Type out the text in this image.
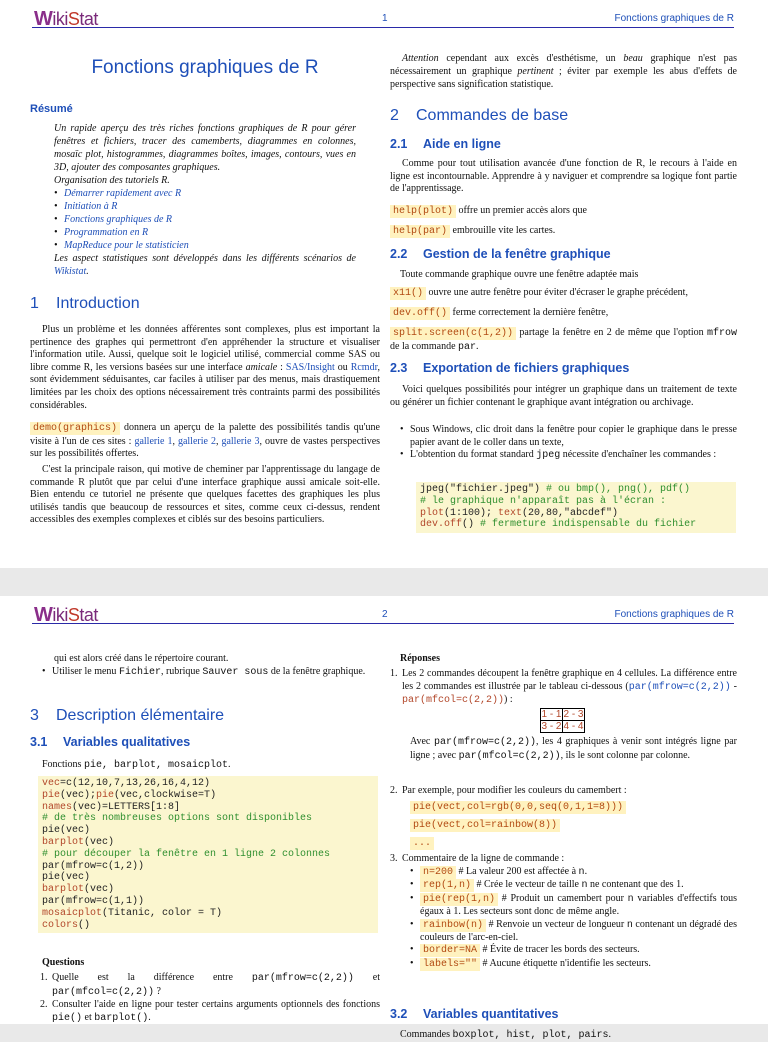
WikiStat	1	Fonctions graphiques de R
Fonctions graphiques de R
Résumé
Un rapide aperçu des très riches fonctions graphiques de R pour gérer fenêtres et fichiers, tracer des camemberts, diagrammes en colonnes, mosaïc plot, histogrammes, diagrammes boîtes, images, contours, vues en 3D, ajouter des composantes graphiques.
Organisation des tutoriels R.
• Démarrer rapidement avec R
• Initiation à R
• Fonctions graphiques de R
• Programmation en R
• MapReduce pour le statisticien
Les aspect statistiques sont développés dans les différents scénarios de Wikistat.
1 Introduction
Plus un problème et les données afférentes sont complexes, plus est important la pertinence des graphes qui permettront d'en appréhender la structure et visualiser l'information utile. Aussi, quelque soit le logiciel utilisé, commercial comme SAS ou libre comme R, les versions basées sur une interface amicale : SAS/Insight ou Rcmdr, sont évidemment séduisantes, car faciles à utiliser par des menus, mais drastiquement limitées par les choix des options nécessairement très contraints parmi des possibilités considérables.
demo(graphics) donnera un aperçu de la palette des possibilités tandis qu'une visite à l'un de ces sites : gallerie 1, gallerie 2, gallerie 3, ouvre de vastes perspectives sur les possibilités offertes.
C'est la principale raison, qui motive de cheminer par l'apprentissage du langage de commande R plutôt que par celui d'une interface graphique aussi amicale soit-elle. Bien entendu ce tutoriel ne présente que quelques facettes des graphiques les plus utilisés tandis que beaucoup de ressources et sites, comme ceux ci-dessus, rendent accessibles des exemples complexes et ciblés sur des besoins particuliers.
Attention cependant aux excès d'esthétisme, un beau graphique n'est pas nécessairement un graphique pertinent ; éviter par exemple les abus d'effets de perspective sans signification statistique.
2 Commandes de base
2.1 Aide en ligne
Comme pour tout utilisation avancée d'une fonction de R, le recours à l'aide en ligne est incontournable. Apprendre à y naviguer et comprendre sa logique font partie de l'apprentissage.
help(plot) offre un premier accès alors que
help(par) embrouille vite les cartes.
2.2 Gestion de la fenêtre graphique
Toute commande graphique ouvre une fenêtre adaptée mais
x11() ouvre une autre fenêtre pour éviter d'écraser le graphe précédent,
dev.off() ferme correctement la dernière fenêtre,
split.screen(c(1,2)) partage la fenêtre en 2 de même que l'option mfrow de la commande par.
2.3 Exportation de fichiers graphiques
Voici quelques possibilités pour intégrer un graphique dans un traitement de texte ou générer un fichier contenant le graphique avant intégration ou archivage.
• Sous Windows, clic droit dans la fenêtre pour copier le graphique dans le presse papier avant de le coller dans un texte,
• L'obtention du format standard jpeg nécessite d'enchaîner les commandes :
jpeg("fichier.jpeg") # ou bmp(), png(), pdf()
# le graphique n'apparaît pas à l'écran :
plot(1:100); text(20,80,"abcdef")
dev.off() # fermeture indispensable du fichier
WikiStat	2	Fonctions graphiques de R
qui est alors créé dans le répertoire courant.
• Utiliser le menu Fichier, rubrique Sauver sous de la fenêtre graphique.
3 Description élémentaire
3.1 Variables qualitatives
Fonctions pie, barplot, mosaicplot.
vec=c(12,10,7,13,26,16,4,12)
pie(vec);pie(vec,clockwise=T)
names(vec)=LETTERS[1:8]
# de très nombreuses options sont disponibles
pie(vec)
barplot(vec)
# pour découper la fenêtre en 1 ligne 2 colonnes
par(mfrow=c(1,2))
pie(vec)
barplot(vec)
par(mfrow=c(1,1))
mosaicplot(Titanic, color = T)
colors()
Questions
1. Quelle est la différence entre par(mfrow=c(2,2)) et par(mfcol=c(2,2)) ?
2. Consulter l'aide en ligne pour tester certains arguments optionnels des fonctions pie() et barplot().
Réponses
1. Les 2 commandes découpent la fenêtre graphique en 4 cellules. La différence entre les 2 commandes est illustrée par le tableau ci-dessous (par(mfrow=c(2,2)) - par(mfcol=c(2,2))) :
1 - 1	2 - 3
3 - 2	4 - 4
Avec par(mfrow=c(2,2)), les 4 graphiques à venir sont intégrés ligne par ligne ; avec par(mfcol=c(2,2)), ils le sont colonne par colonne.
2. Par exemple, pour modifier les couleurs du camembert :
pie(vect,col=rgb(0,0,seq(0,1,1=8)))
pie(vect,col=rainbow(8))
...
3. Commentaire de la ligne de commande :
• n=200 # La valeur 200 est affectée à n.
• rep(1,n) # Crée le vecteur de taille n ne contenant que des 1.
• pie(rep(1,n) # Produit un camembert pour n variables d'effectifs tous égaux à 1. Les secteurs sont donc de même angle.
• rainbow(n) # Renvoie un vecteur de longueur n contenant un dégradé des couleurs de l'arc-en-ciel.
• border=NA # Évite de tracer les bords des secteurs.
• labels="" # Aucune étiquette n'identifie les secteurs.
3.2 Variables quantitatives
Commandes boxplot, hist, plot, pairs.
